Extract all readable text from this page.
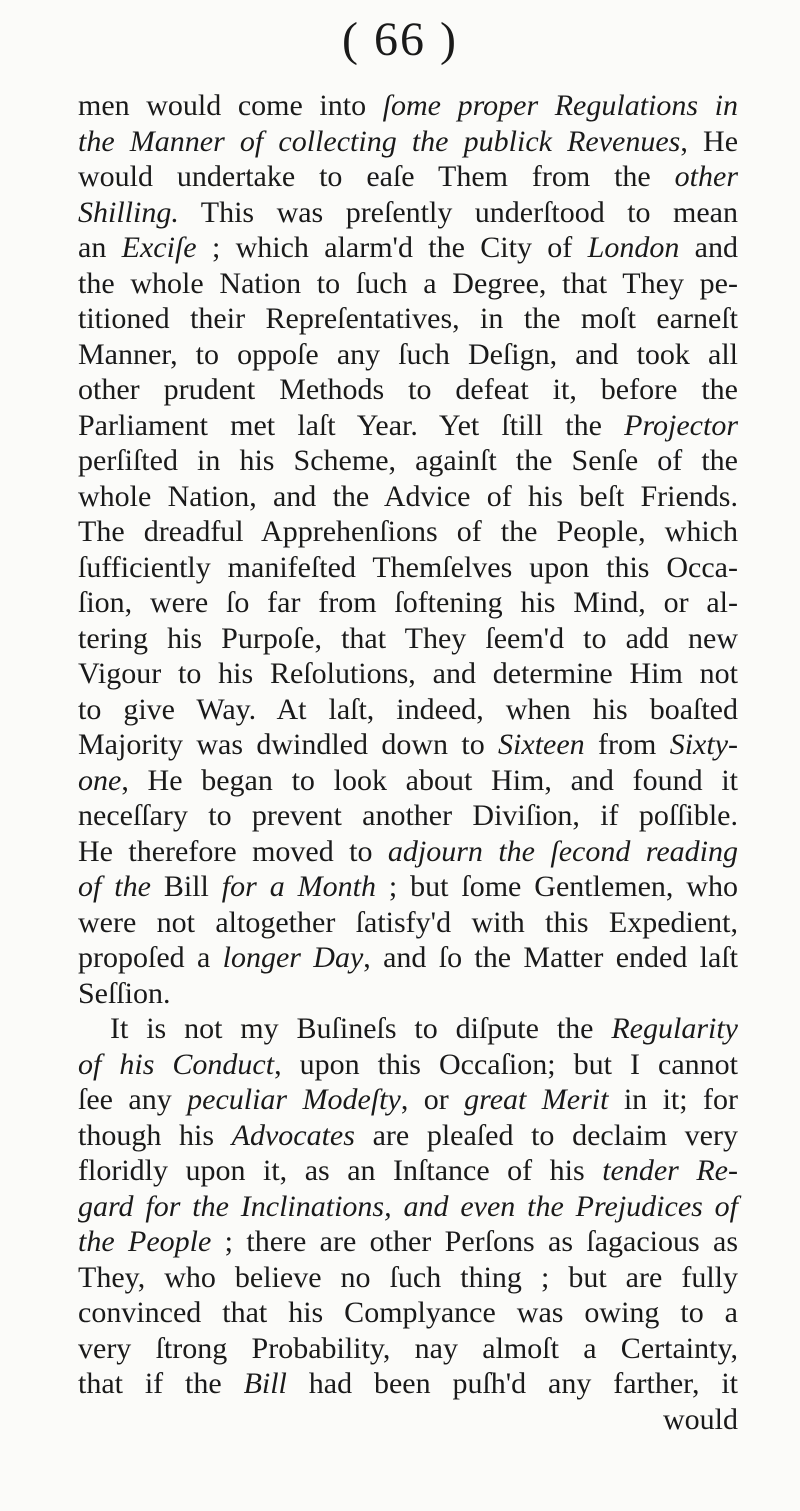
( 66 )
men would come into ſome proper Regulations in
the Manner of collecting the publick Revenues, He
would undertake to eaſe Them from the other
Shilling. This was preſently underſtood to mean
an Exciſe ; which alarm'd the City of London and
the whole Nation to ſuch a Degree, that They pe-
titioned their Repreſentatives, in the moſt earneſt
Manner, to oppoſe any ſuch Deſign, and took all
other prudent Methods to defeat it, before the
Parliament met laſt Year. Yet ſtill the Projector
perſiſted in his Scheme, againſt the Senſe of the
whole Nation, and the Advice of his beſt Friends.
The dreadful Apprehenſions of the People, which
ſufficiently manifeſted Themſelves upon this Occa-
ſion, were ſo far from ſoftening his Mind, or al-
tering his Purpoſe, that They ſeem'd to add new
Vigour to his Reſolutions, and determine Him not
to give Way. At laſt, indeed, when his boaſted
Majority was dwindled down to Sixteen from Sixty-
one, He began to look about Him, and found it
neceſſary to prevent another Diviſion, if poſſible.
He therefore moved to adjourn the ſecond reading
of the Bill for a Month ; but ſome Gentlemen, who
were not altogether ſatisfy'd with this Expedient,
propoſed a longer Day, and ſo the Matter ended laſt
Seſſion.
It is not my Buſineſs to diſpute the Regularity
of his Conduct, upon this Occaſion; but I cannot
ſee any peculiar Modeſty, or great Merit in it; for
though his Advocates are pleaſed to declaim very
floridly upon it, as an Inſtance of his tender Re-
gard for the Inclinations, and even the Prejudices of
the People ; there are other Perſons as ſagacious as
They, who believe no ſuch thing ; but are fully
convinced that his Complyance was owing to a
very ſtrong Probability, nay almoſt a Certainty,
that if the Bill had been puſh'd any farther, it
would
